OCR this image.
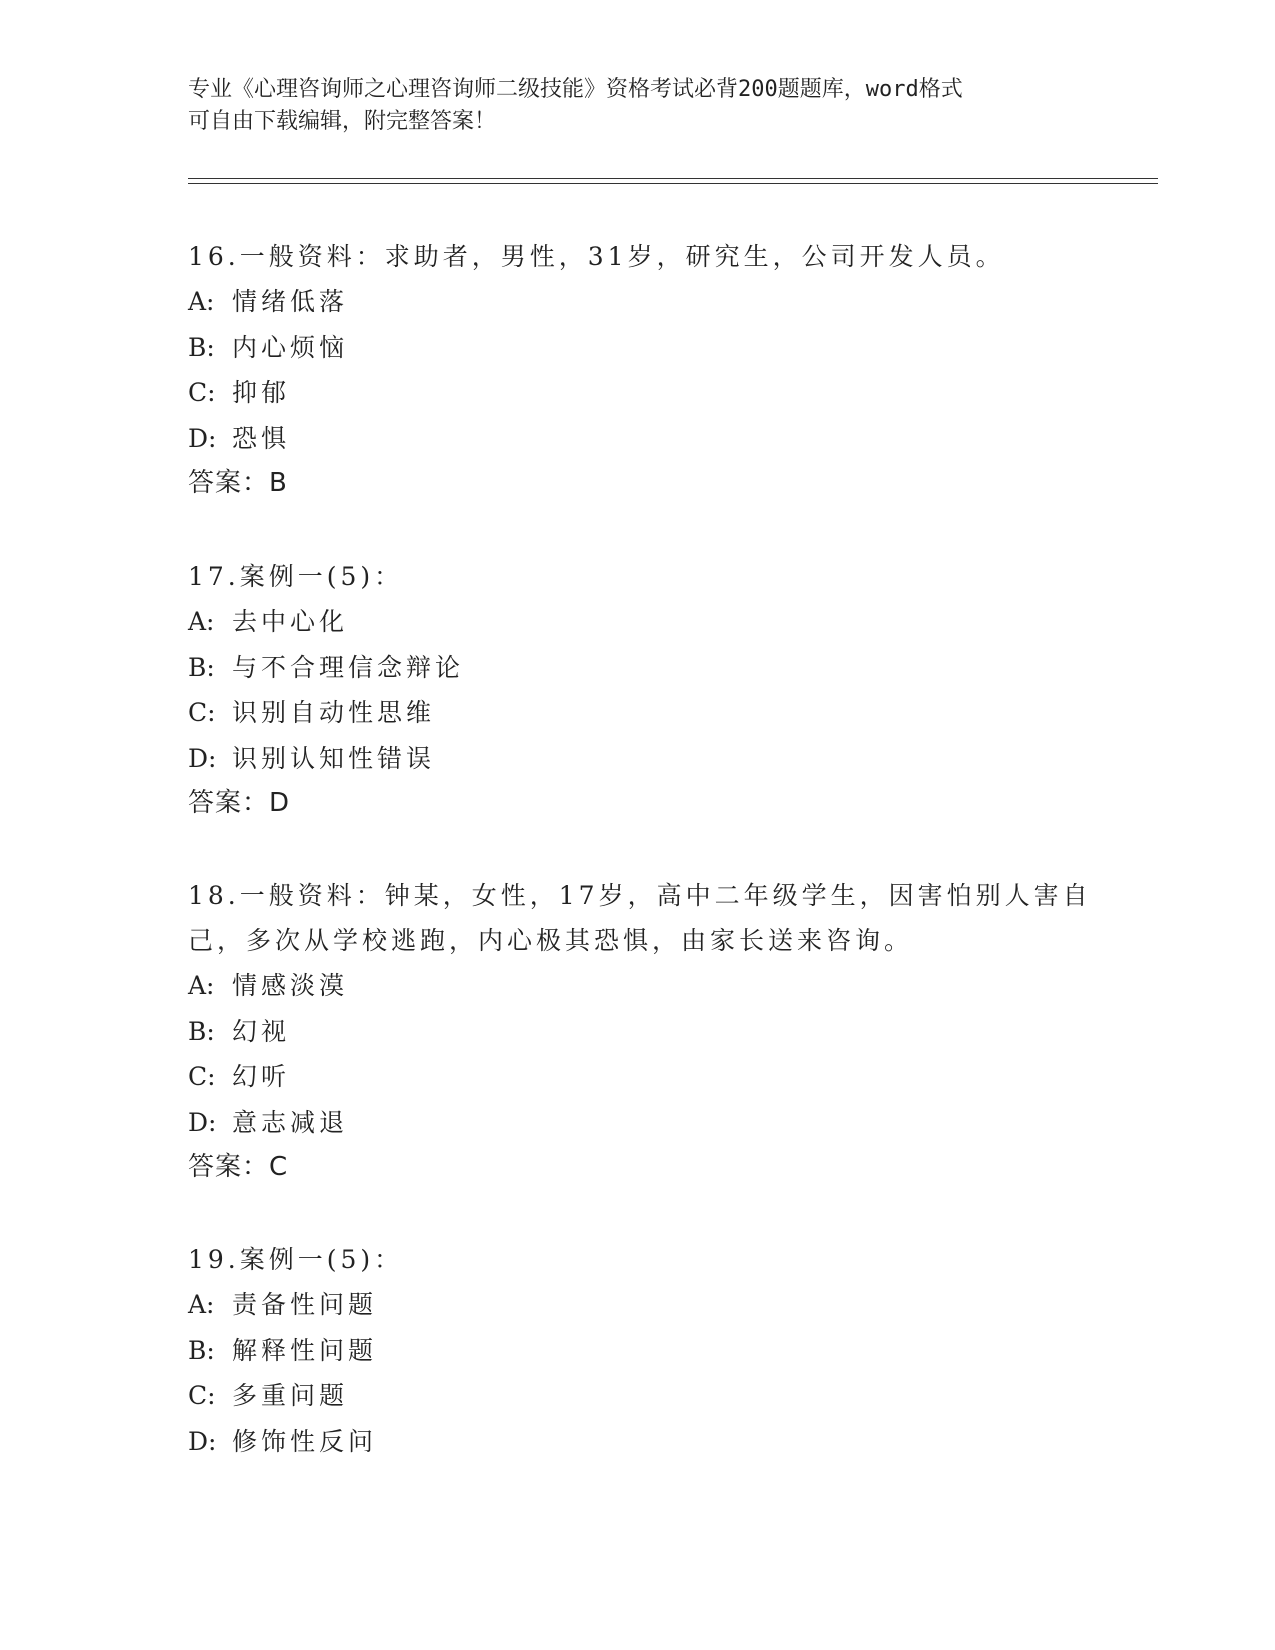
专业《心理咨询师之心理咨询师二级技能》资格考试必背200题题库，word格式
可自由下载编辑，附完整答案！
16.一般资料：求助者，男性，31岁，研究生，公司开发人员。
A: 情绪低落
B: 内心烦恼
C: 抑郁
D: 恐惧
答案：B
17.案例一(5)：
A: 去中心化
B: 与不合理信念辩论
C: 识别自动性思维
D: 识别认知性错误
答案：D
18.一般资料：钟某，女性，17岁，高中二年级学生，因害怕别人害自
己，多次从学校逃跑，内心极其恐惧，由家长送来咨询。
A: 情感淡漠
B: 幻视
C: 幻听
D: 意志减退
答案：C
19.案例一(5)：
A: 责备性问题
B: 解释性问题
C: 多重问题
D: 修饰性反问
